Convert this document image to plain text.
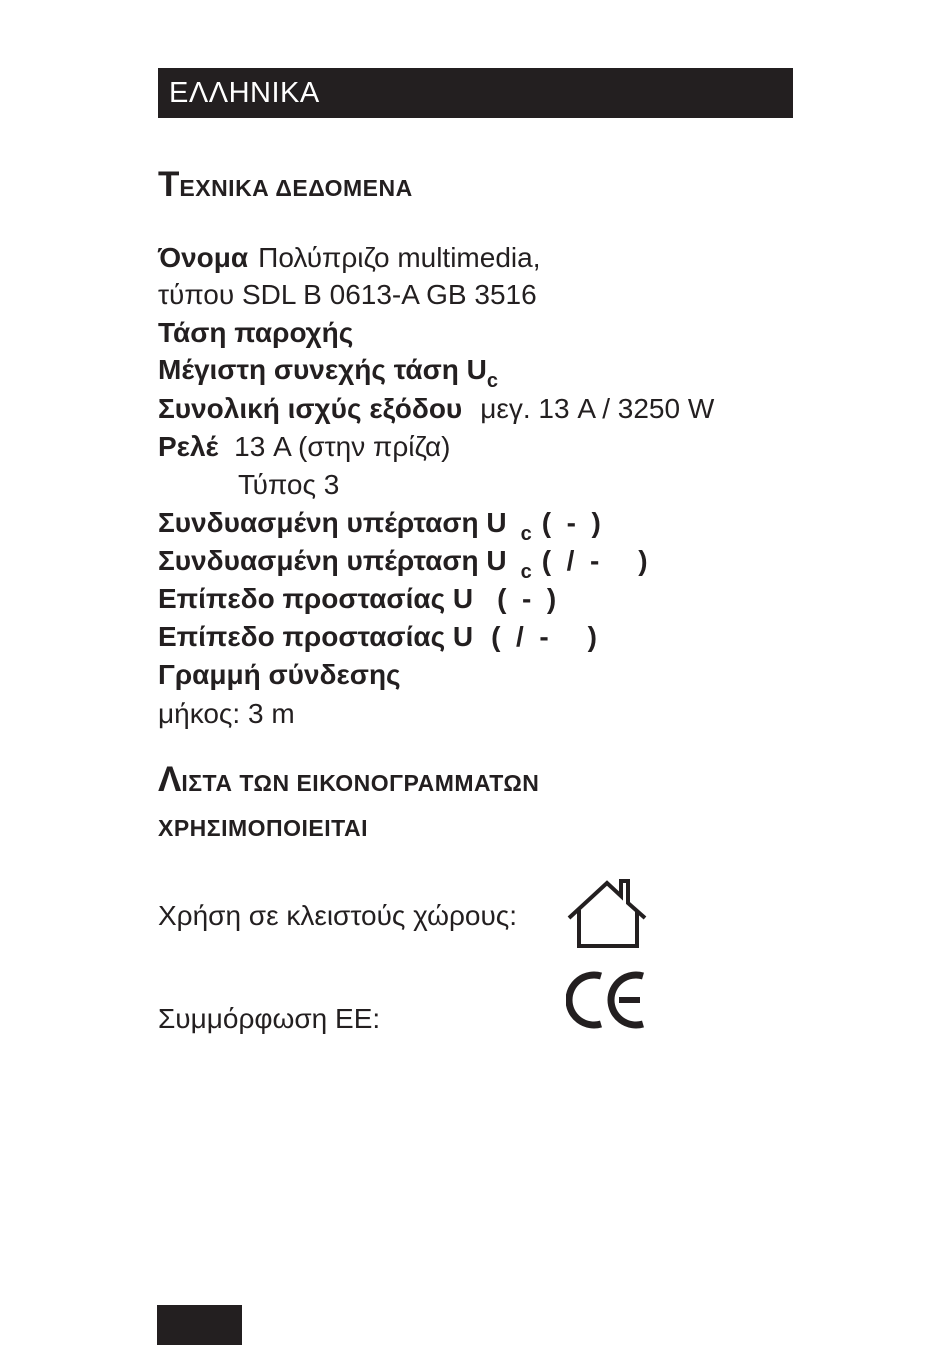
ΕΛΛΗΝΙΚΑ
ΤΕΧΝΙΚΑ ΔΕΔΟΜΕΝΑ
Όνομα Πολύπριζο multimedia,
τύπου SDL B 0613-A GB 3516
Τάση παροχής
Μέγιστη συνεχής τάση $U_c$
Συνολική ισχύς εξόδου μεγ. 13 A / 3250 W
Ρελέ 13 A (στην πρίζα)
Τύπος 3
Συνδυασμένη υπέρταση U $_c$ (  -  )
Συνδυασμένη υπέρταση U $_c$ (  /  -     )
Επίπεδο προστασίας U (  -  )
Επίπεδο προστασίας U (  /  -     )
Γραμμή σύνδεσης
μήκος: 3 m
ΛΙΣΤΑ ΤΩΝ ΕΙΚΟΝΟΓΡΑΜΜΑΤΩΝ
ΧΡΗΣΙΜΟΠΟΙΕΙΤΑΙ
Χρήση σε κλειστούς χώρους:
Συμμόρφωση ΕΕ:
